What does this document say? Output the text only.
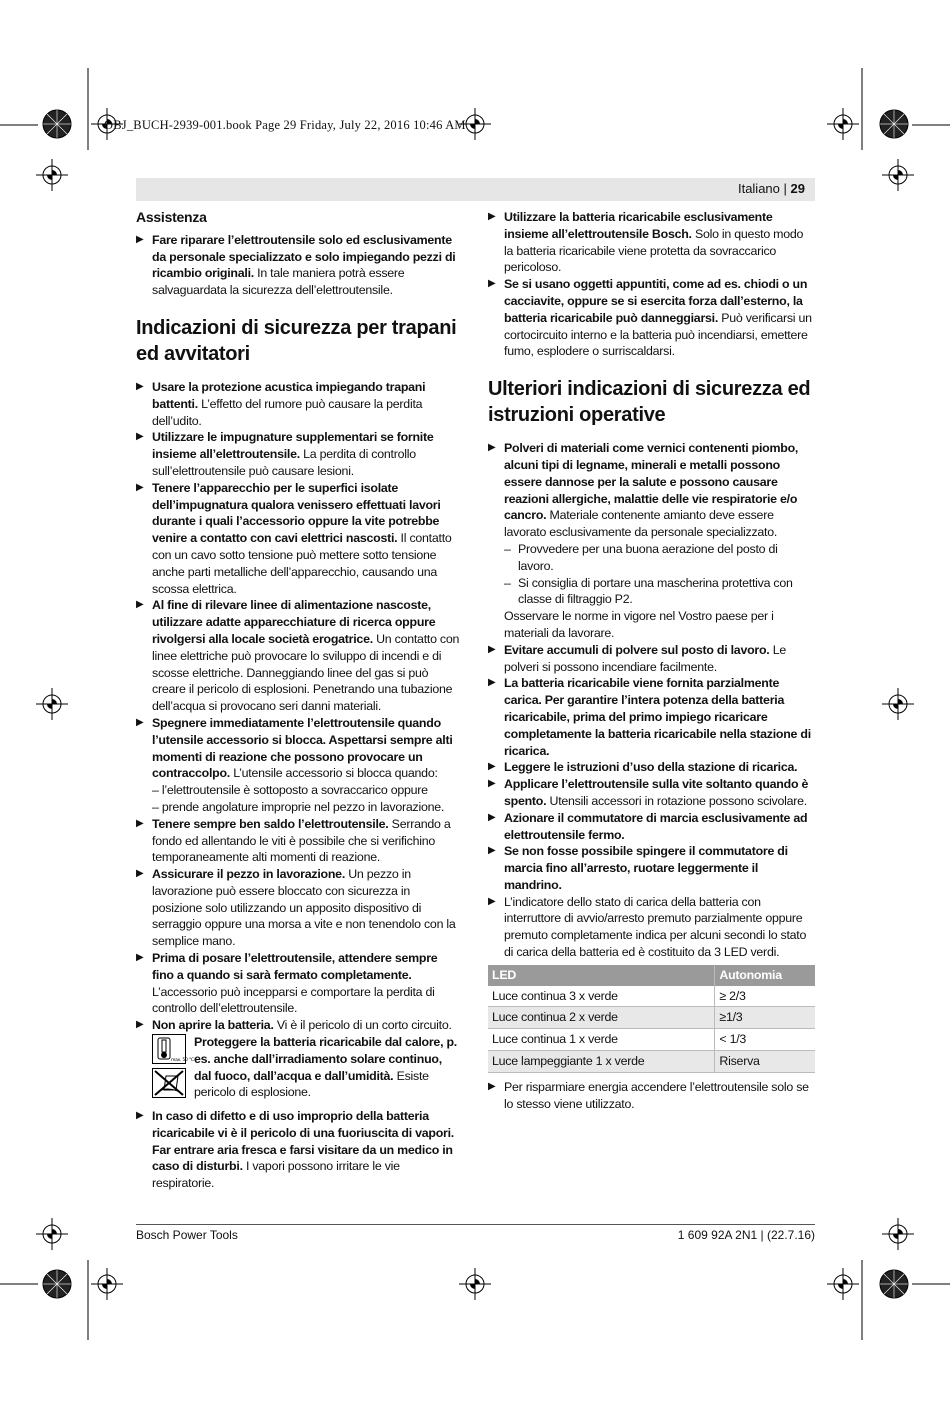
OBJ_BUCH-2939-001.book Page 29 Friday, July 22, 2016 10:46 AM
Italiano | 29
Assistenza

▶ Fare riparare l’elettroutensile solo ed esclusivamente da personale specializzato e solo impiegando pezzi di ricambio originali. In tale maniera potrà essere salvaguardata la sicurezza dell’elettroutensile.

Indicazioni di sicurezza per trapani ed avvitatori

▶ Usare la protezione acustica impiegando trapani battenti. L’effetto del rumore può causare la perdita dell’udito.

▶ Utilizzare le impugnature supplementari se fornite insieme all’elettroutensile. La perdita di controllo sull’elettroutensile può causare lesioni.

▶ Tenere l’apparecchio per le superfici isolate dell’impugnatura qualora venissero effettuati lavori durante i quali l’accessorio oppure la vite potrebbe venire a contatto con cavi elettrici nascosti. Il contatto con un cavo sotto tensione può mettere sotto tensione anche parti metalliche dell’apparecchio, causando una scossa elettrica.

▶ Al fine di rilevare linee di alimentazione nascoste, utilizzare adatte apparecchiature di ricerca oppure rivolgersi alla locale società erogatrice. Un contatto con linee elettriche può provocare lo sviluppo di incendi e di scosse elettriche. Danneggiando linee del gas si può creare il pericolo di esplosioni. Penetrando una tubazione dell’acqua si provocano seri danni materiali.

▶ Spegnere immediatamente l’elettroutensile quando l’utensile accessorio si blocca. Aspettarsi sempre alti momenti di reazione che possono provocare un contraccolpo. L’utensile accessorio si blocca quando:
– l’elettroutensile è sottoposto a sovraccarico oppure
– prende angolature improprie nel pezzo in lavorazione.

▶ Tenere sempre ben saldo l’elettroutensile. Serrando a fondo ed allentando le viti è possibile che si verifichino temporaneamente alti momenti di reazione.

▶ Assicurare il pezzo in lavorazione. Un pezzo in lavorazione può essere bloccato con sicurezza in posizione solo utilizzando un apposito dispositivo di serraggio oppure una morsa a vite e non tenendolo con la semplice mano.

▶ Prima di posare l’elettroutensile, attendere sempre fino a quando si sarà fermato completamente. L’accessorio può incepparsi e comportare la perdita di controllo dell’elettroutensile.

▶ Non aprire la batteria. Vi è il pericolo di un corto circuito.

max. 50 °C

Proteggere la batteria ricaricabile dal calore, p. es. anche dall’irradiamento solare continuo, dal fuoco, dall’acqua e dall’umidità. Esiste pericolo di esplosione.

▶ In caso di difetto e di uso improprio della batteria ricaricabile vi è il pericolo di una fuoriuscita di vapori. Far entrare aria fresca e farsi visitare da un medico in caso di disturbi. I vapori possono irritare le vie respiratorie.

▶ Utilizzare la batteria ricaricabile esclusivamente insieme all’elettroutensile Bosch. Solo in questo modo la batteria ricaricabile viene protetta da sovraccarico pericoloso.

▶ Se si usano oggetti appuntiti, come ad es. chiodi o un cacciavite, oppure se si esercita forza dall’esterno, la batteria ricaricabile può danneggiarsi. Può verificarsi un cortocircuito interno e la batteria può incendiarsi, emettere fumo, esplodere o surriscaldarsi.

Ulteriori indicazioni di sicurezza ed istruzioni operative

▶ Polveri di materiali come vernici contenenti piombo, alcuni tipi di legname, minerali e metalli possono essere dannose per la salute e possono causare reazioni allergiche, malattie delle vie respiratorie e/o cancro. Materiale contenente amianto deve essere lavorato esclusivamente da personale specializzato.

– Provvedere per una buona aerazione del posto di lavoro.

– Si consiglia di portare una mascherina protettiva con classe di filtraggio P2.

Osservare le norme in vigore nel Vostro paese per i materiali da lavorare.

▶ Evitare accumuli di polvere sul posto di lavoro. Le polveri si possono incendiare facilmente.

▶ La batteria ricaricabile viene fornita parzialmente carica. Per garantire l’intera potenza della batteria ricaricabile, prima del primo impiego ricaricare completamente la batteria ricaricabile nella stazione di ricarica.

▶ Leggere le istruzioni d’uso della stazione di ricarica.

▶ Applicare l’elettroutensile sulla vite soltanto quando è spento. Utensili accessori in rotazione possono scivolare.

▶ Azionare il commutatore di marcia esclusivamente ad elettroutensile fermo.

▶ Se non fosse possibile spingere il commutatore di marcia fino all’arresto, ruotare leggermente il mandrino.

▶ L’indicatore dello stato di carica della batteria con interruttore di avvio/arresto premuto parzialmente oppure premuto completamente indica per alcuni secondi lo stato di carica della batteria ed è costituito da 3 LED verdi.

LED	Autonomia
Luce continua 3 x verde	≥ 2/3
Luce continua 2 x verde	≥1/3
Luce continua 1 x verde	< 1/3
Luce lampeggiante 1 x verde	Riserva

▶ Per risparmiare energia accendere l’elettroutensile solo se lo stesso viene utilizzato.

Bosch Power Tools	1 609 92A 2N1 | (22.7.16)
